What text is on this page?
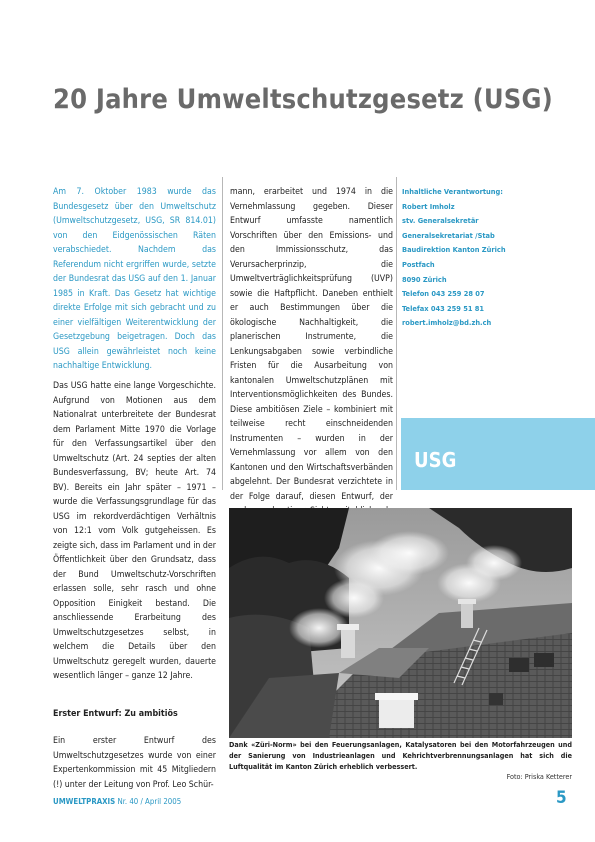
20 Jahre Umweltschutzgesetz (USG)

Am 7. Oktober 1983 wurde das Bundesgesetz über den Umweltschutz (Umweltschutzgesetz, USG, SR 814.01) von den Eidgenössischen Räten verabschiedet. Nachdem das Referendum nicht ergriffen wurde, setzte der Bundesrat das USG auf den 1. Januar 1985 in Kraft. Das Gesetz hat wichtige direkte Erfolge mit sich gebracht und zu einer vielfältigen Weiterentwicklung der Gesetzgebung beigetragen. Doch das USG allein gewährleistet noch keine nachhaltige Entwicklung.

Das USG hatte eine lange Vorgeschichte. Aufgrund von Motionen aus dem Nationalrat unterbreitete der Bundesrat dem Parlament Mitte 1970 die Vorlage für den Verfassungsartikel über den Umweltschutz (Art. 24 septies der alten Bundesverfassung, BV; heute Art. 74 BV). Bereits ein Jahr später – 1971 – wurde die Verfassungsgrundlage für das USG im rekordverdächtigen Verhältnis von 12:1 vom Volk gutgeheissen. Es zeigte sich, dass im Parlament und in der Öffentlichkeit über den Grundsatz, dass der Bund Umweltschutz-Vorschriften erlassen solle, sehr rasch und ohne Opposition Einigkeit bestand. Die anschliessende Erarbeitung des Umweltschutzgesetzes selbst, in welchem die Details über den Umweltschutz geregelt wurden, dauerte wesentlich länger – ganze 12 Jahre.

Erster Entwurf: Zu ambitiös

Ein erster Entwurf des Umweltschutzgesetzes wurde von einer Expertenkommission mit 45 Mitgliedern (!) unter der Leitung von Prof. Leo Schür-

mann, erarbeitet und 1974 in die Vernehmlassung gegeben. Dieser Entwurf umfasste namentlich Vorschriften über den Emissions- und den Immissionsschutz, das Verursacherprinzip, die Umweltverträglichkeitsprüfung (UVP) sowie die Haftpflicht. Daneben enthielt er auch Bestimmungen über die ökologische Nachhaltigkeit, die planerischen Instrumente, die Lenkungsabgaben sowie verbindliche Fristen für die Ausarbeitung von kantonalen Umweltschutzplänen mit Interventionsmöglichkeiten des Bundes. Diese ambitiösen Ziele – kombiniert mit teilweise recht einschneidenden Instrumenten – wurden in der Vernehmlassung vor allem von den Kantonen und den Wirtschaftsverbänden abgelehnt. Der Bundesrat verzichtete in der Folge darauf, diesen Entwurf, der

Inhaltliche Verantwortung:
Robert Imholz
stv. Generalsekretär
Generalsekretariat /Stab
Baudirektion Kanton Zürich
Postfach
8090 Zürich
Telefon 043 259 28 07
Telefax 043 259 51 81
robert.imholz@bd.zh.ch
USG
Dank «Züri-Norm» bei den Feuerungsanlagen, Katalysatoren bei den Motorfahrzeugen und der Sanierung von Industrieanlagen und Kehrichtverbrennungsanlagen hat sich die Luftqualität im Kanton Zürich erheblich verbessert.
Foto: Priska Ketterer
UMWELTPRAXIS Nr. 40 / April 2005	5
